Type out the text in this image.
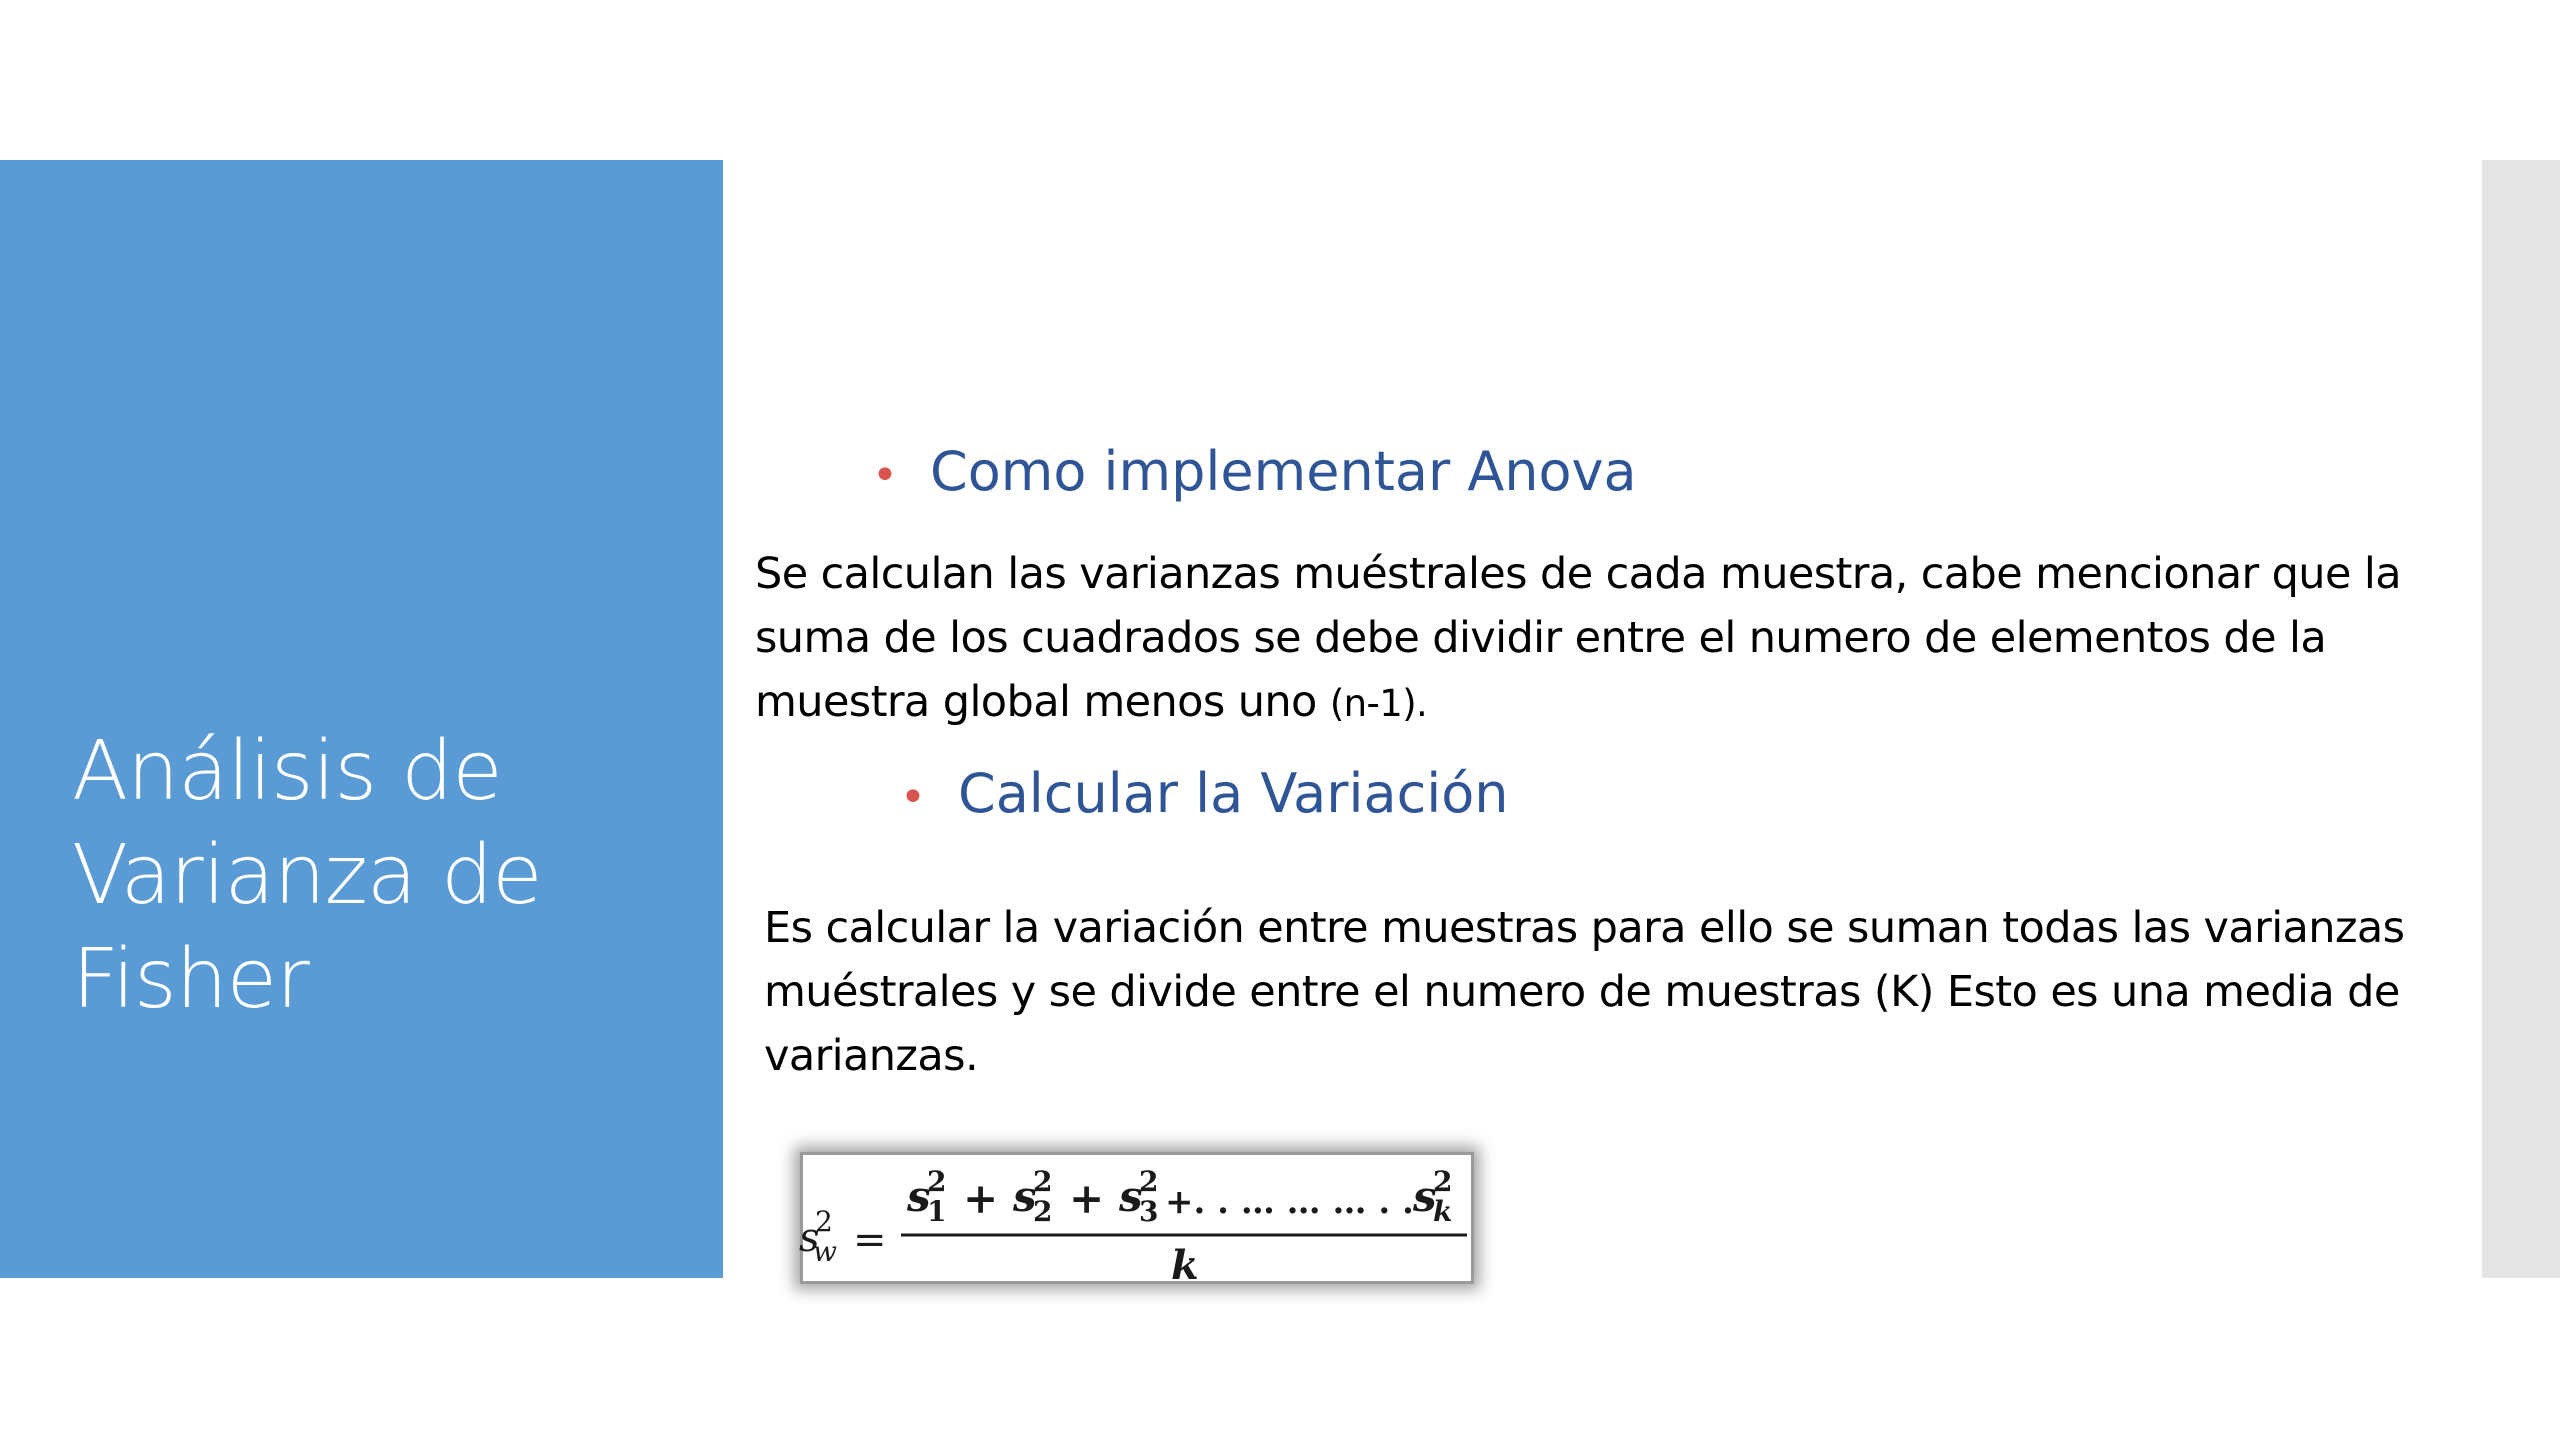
Análisis de Varianza de Fisher
• Como implementar Anova

Se calculan las varianzas muéstrales de cada muestra, cabe mencionar que la suma de los cuadrados se debe dividir entre el numero de elementos de la muestra global menos uno (n-1).

• Calcular la Variación

Es calcular la variación entre muestras para ello se suman todas las varianzas muéstrales y se divide entre el numero de muestras (K) Esto es una media de varianzas.

s
2
w =
s
2
1 + s
2
2 + s
2
3 +. . … … … . . s
2
k
k
